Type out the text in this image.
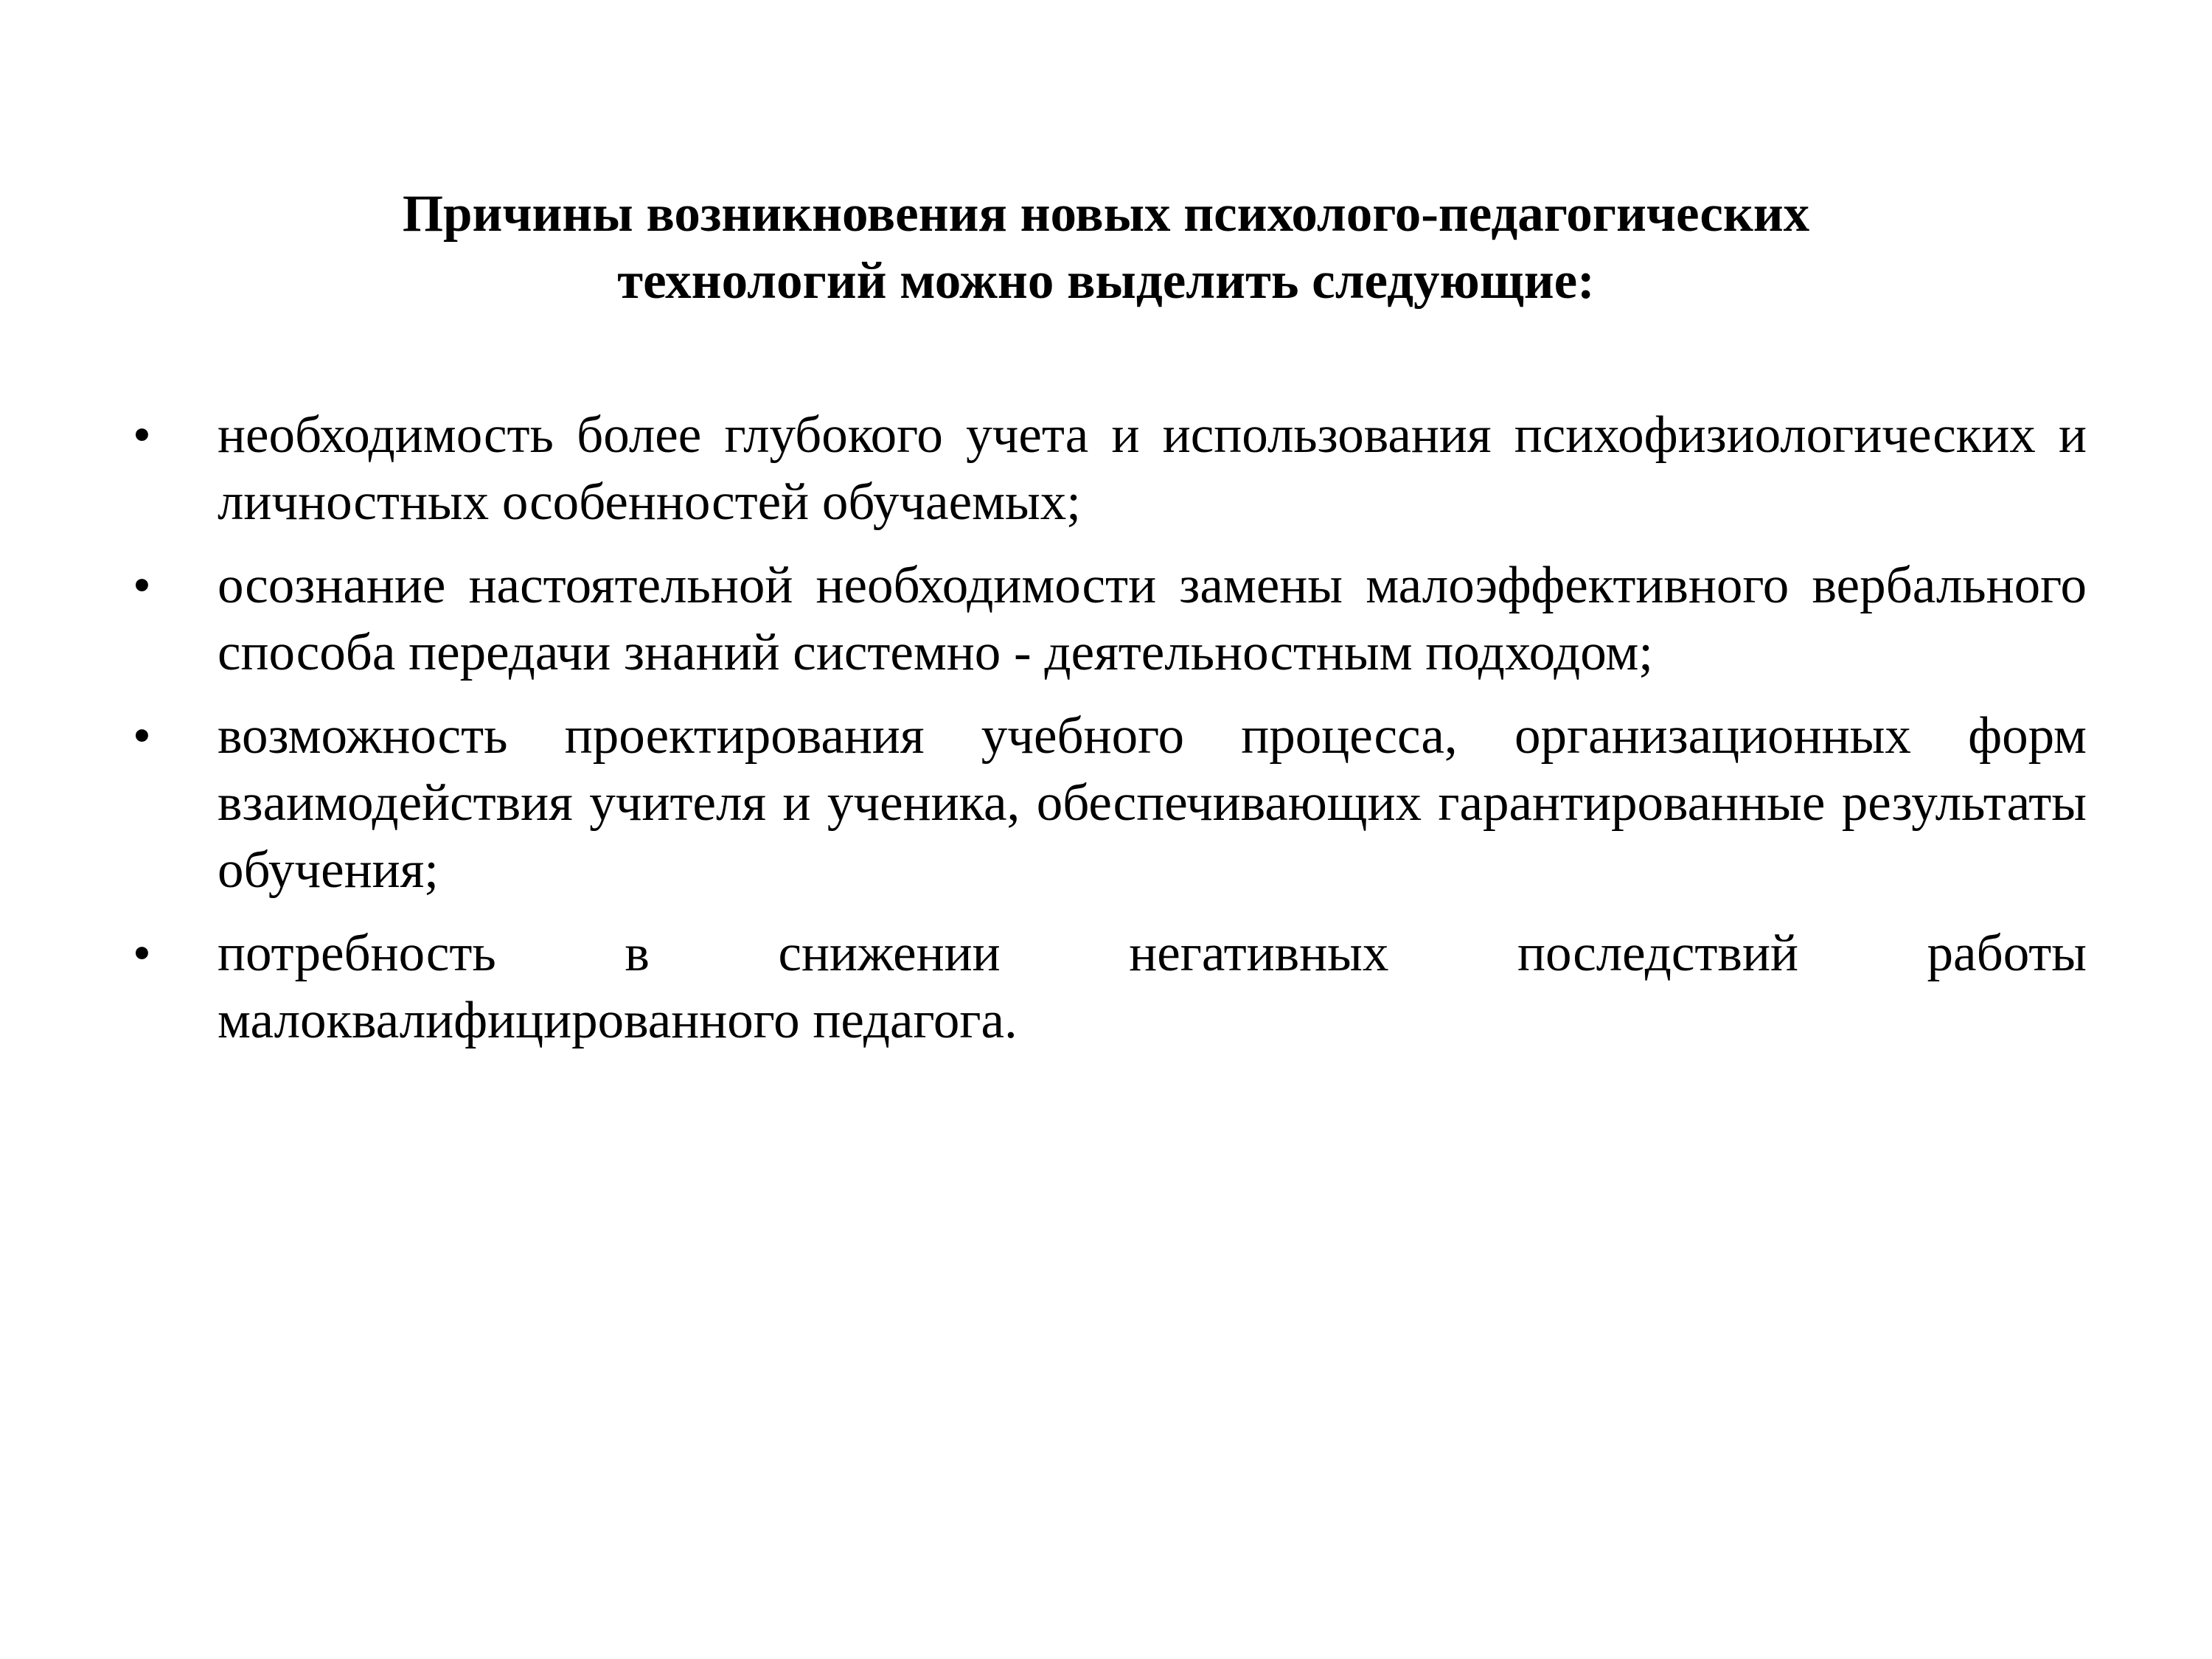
Причины возникновения новых психолого-педагогических
технологий можно выделить следующие:
•	необходимость более глубокого учета и использования психофизиологических и личностных особенностей обучаемых;
•	осознание настоятельной необходимости замены малоэффективного вербального способа передачи знаний системно - деятельностным подходом;
•	возможность проектирования учебного процесса, организационных форм взаимодействия учителя и ученика, обеспечивающих гарантированные результаты обучения;
•	потребность в снижении негативных последствий работы малоквалифицированного педагога.
